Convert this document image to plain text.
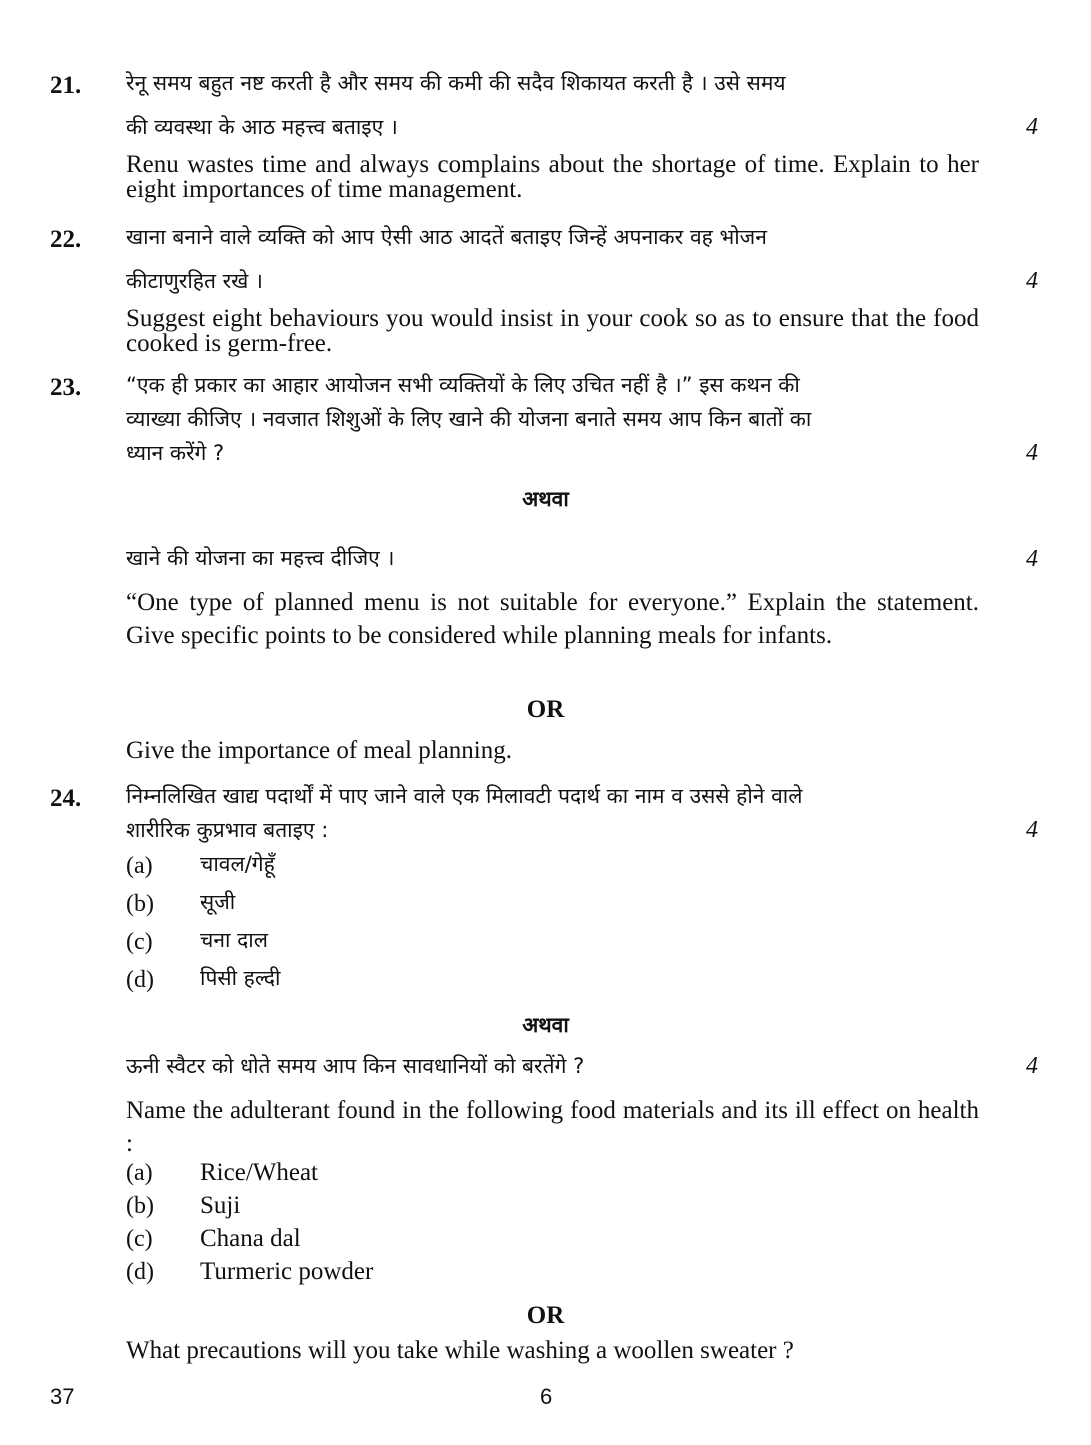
21. रेनू समय बहुत नष्ट करती है और समय की कमी की सदैव शिकायत करती है । उसे समय
की व्यवस्था के आठ महत्त्व बताइए ।	4
Renu wastes time and always complains about the shortage of time. Explain to her eight importances of time management.
22. खाना बनाने वाले व्यक्ति को आप ऐसी आठ आदतें बताइए जिन्हें अपनाकर वह भोजन
कीटाणुरहित रखे ।	4
Suggest eight behaviours you would insist in your cook so as to ensure that the food cooked is germ-free.
23. “एक ही प्रकार का आहार आयोजन सभी व्यक्तियों के लिए उचित नहीं है ।” इस कथन की
व्याख्या कीजिए । नवजात शिशुओं के लिए खाने की योजना बनाते समय आप किन बातों का
ध्यान करेंगे ?	4
अथवा
खाने की योजना का महत्त्व दीजिए ।	4
“One type of planned menu is not suitable for everyone.” Explain the statement. Give specific points to be considered while planning meals for infants.
OR
Give the importance of meal planning.
24. निम्नलिखित खाद्य पदार्थों में पाए जाने वाले एक मिलावटी पदार्थ का नाम व उससे होने वाले
शारीरिक कुप्रभाव बताइए :	4
(a) चावल/गेहूँ
(b) सूजी
(c) चना दाल
(d) पिसी हल्दी
अथवा
ऊनी स्वैटर को धोते समय आप किन सावधानियों को बरतेंगे ?	4
Name the adulterant found in the following food materials and its ill effect on health :
(a) Rice/Wheat
(b) Suji
(c) Chana dal
(d) Turmeric powder
OR
What precautions will you take while washing a woollen sweater ?
37	6
